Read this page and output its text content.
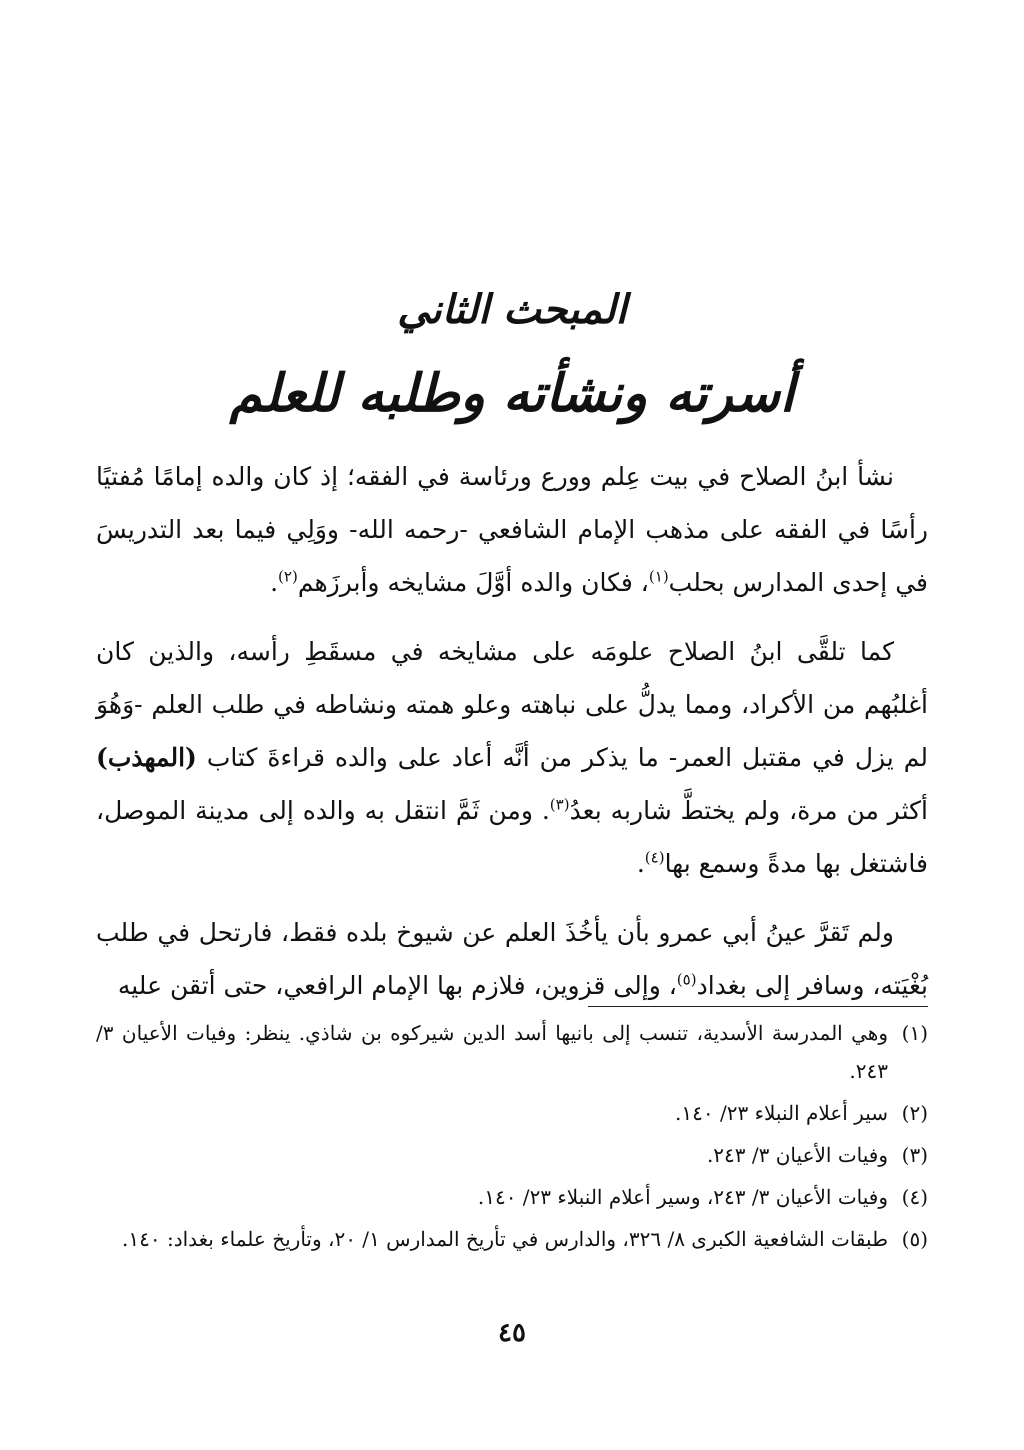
المبحث الثاني
أسرته ونشأته وطلبه للعلم

نشأ ابنُ الصلاح في بيت عِلم وورع ورئاسة في الفقه؛ إذ كان والده إمامًا مُفتيًا رأسًا في الفقه على مذهب الإمام الشافعي -رحمه الله- ووَلِي فيما بعد التدريسَ في إحدى المدارس بحلب$^{(١)}$، فكان والده أوَّلَ مشايخه وأبرزَهم$^{(٢)}$.

كما تلقَّى ابنُ الصلاح علومَه على مشايخه في مسقَطِ رأسه، والذين كان أغلبُهم من الأكراد، ومما يدلُّ على نباهته وعلو همته ونشاطه في طلب العلم -وَهُوَ لم يزل في مقتبل العمر- ما يذكر من أنَّه أعاد على والده قراءةَ كتاب (المهذب) أكثر من مرة، ولم يختطَّ شاربه بعدُ$^{(٣)}$. ومن ثَمَّ انتقل به والده إلى مدينة الموصل، فاشتغل بها مدةً وسمع بها$^{(٤)}$.

ولم تَقرَّ عينُ أبي عمرو بأن يأخُذَ العلم عن شيوخ بلده فقط، فارتحل في طلب بُغْيَته، وسافر إلى بغداد$^{(٥)}$، وإلى قزوين، فلازم بها الإمام الرافعي، حتى أتقن عليه

(١)
وهي المدرسة الأسدية، تنسب إلى بانيها أسد الدين شيركوه بن شاذي. ينظر: وفيات الأعيان ٣/ ٢٤٣.
(٢)
سير أعلام النبلاء ٢٣/ ١٤٠.
(٣)
وفيات الأعيان ٣/ ٢٤٣.
(٤)
وفيات الأعيان ٣/ ٢٤٣، وسير أعلام النبلاء ٢٣/ ١٤٠.
(٥)
طبقات الشافعية الكبرى ٨/ ٣٢٦، والدارس في تأريخ المدارس ١/ ٢٠، وتأريخ علماء بغداد: ١٤٠.
٤٥
